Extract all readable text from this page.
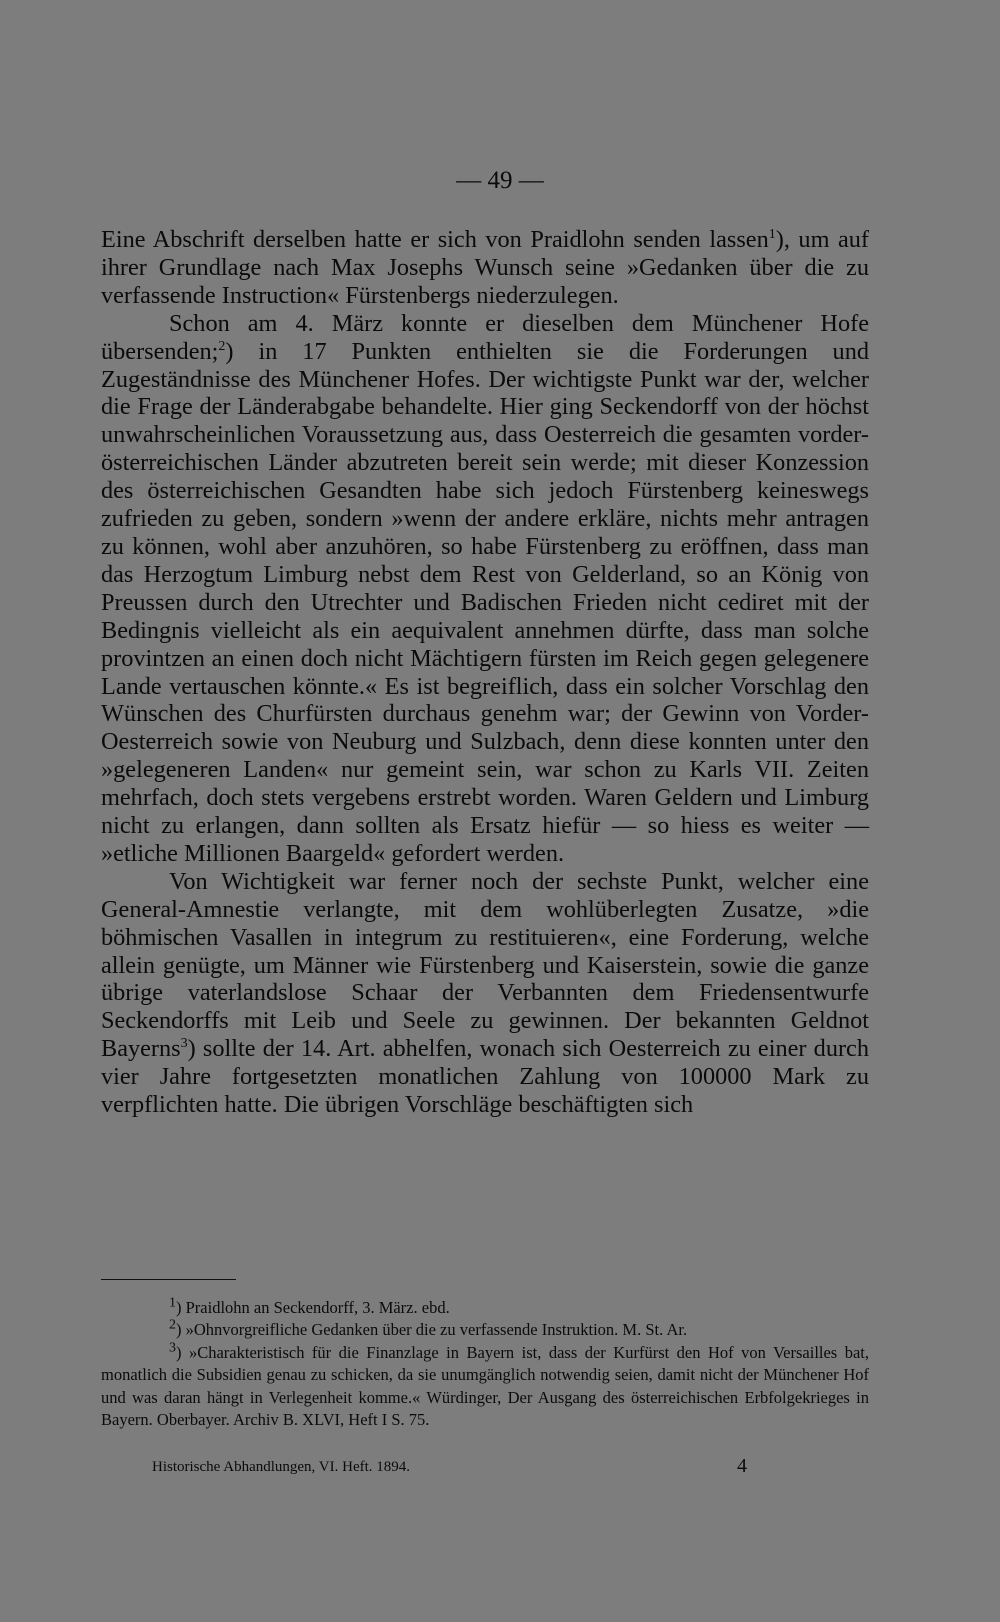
— 49 —

Eine Abschrift derselben hatte er sich von Praidlohn senden lassen$^1$), um auf ihrer Grundlage nach Max Josephs Wunsch seine »Gedanken über die zu verfassende Instruction« Fürstenbergs niederzulegen.

Schon am 4. März konnte er dieselben dem Münchener Hofe übersenden;$^2$) in 17 Punkten enthielten sie die Forderungen und Zugeständnisse des Münchener Hofes. Der wichtigste Punkt war der, welcher die Frage der Länderabgabe behandelte. Hier ging Seckendorff von der höchst unwahrscheinlichen Voraussetzung aus, dass Oesterreich die gesamten vorder-österreichischen Länder abzutreten bereit sein werde; mit dieser Konzession des österreichischen Gesandten habe sich jedoch Fürstenberg keineswegs zufrieden zu geben, sondern »wenn der andere erkläre, nichts mehr antragen zu können, wohl aber anzuhören, so habe Fürstenberg zu eröffnen, dass man das Herzogtum Limburg nebst dem Rest von Gelderland, so an König von Preussen durch den Utrechter und Badischen Frieden nicht cediret mit der Bedingnis vielleicht als ein aequivalent annehmen dürfte, dass man solche provintzen an einen doch nicht Mächtigern fürsten im Reich gegen gelegenere Lande vertauschen könnte.« Es ist begreiflich, dass ein solcher Vorschlag den Wünschen des Churfürsten durchaus genehm war; der Gewinn von Vorder-Oesterreich sowie von Neuburg und Sulzbach, denn diese konnten unter den »gelegeneren Landen« nur gemeint sein, war schon zu Karls VII. Zeiten mehrfach, doch stets vergebens erstrebt worden. Waren Geldern und Limburg nicht zu erlangen, dann sollten als Ersatz hiefür — so hiess es weiter — »etliche Millionen Baargeld« gefordert werden.

Von Wichtigkeit war ferner noch der sechste Punkt, welcher eine General-Amnestie verlangte, mit dem wohlüberlegten Zusatze, »die böhmischen Vasallen in integrum zu restituieren«, eine Forderung, welche allein genügte, um Männer wie Fürstenberg und Kaiserstein, sowie die ganze übrige vaterlandslose Schaar der Verbannten dem Friedensentwurfe Seckendorffs mit Leib und Seele zu gewinnen. Der bekannten Geldnot Bayerns$^3$) sollte der 14. Art. abhelfen, wonach sich Oesterreich zu einer durch vier Jahre fortgesetzten monatlichen Zahlung von 100000 Mark zu verpflichten hatte. Die übrigen Vorschläge beschäftigten sich

$^1$) Praidlohn an Seckendorff, 3. März. ebd.

$^2$) »Ohnvorgreifliche Gedanken über die zu verfassende Instruktion. M. St. Ar.

$^3$) »Charakteristisch für die Finanzlage in Bayern ist, dass der Kurfürst den Hof von Versailles bat, monatlich die Subsidien genau zu schicken, da sie unumgänglich notwendig seien, damit nicht der Münchener Hof und was daran hängt in Verlegenheit komme.« Würdinger, Der Ausgang des österreichischen Erbfolgekrieges in Bayern. Oberbayer. Archiv B. XLVI, Heft I S. 75.

Historische Abhandlungen, VI. Heft. 1894.	4
